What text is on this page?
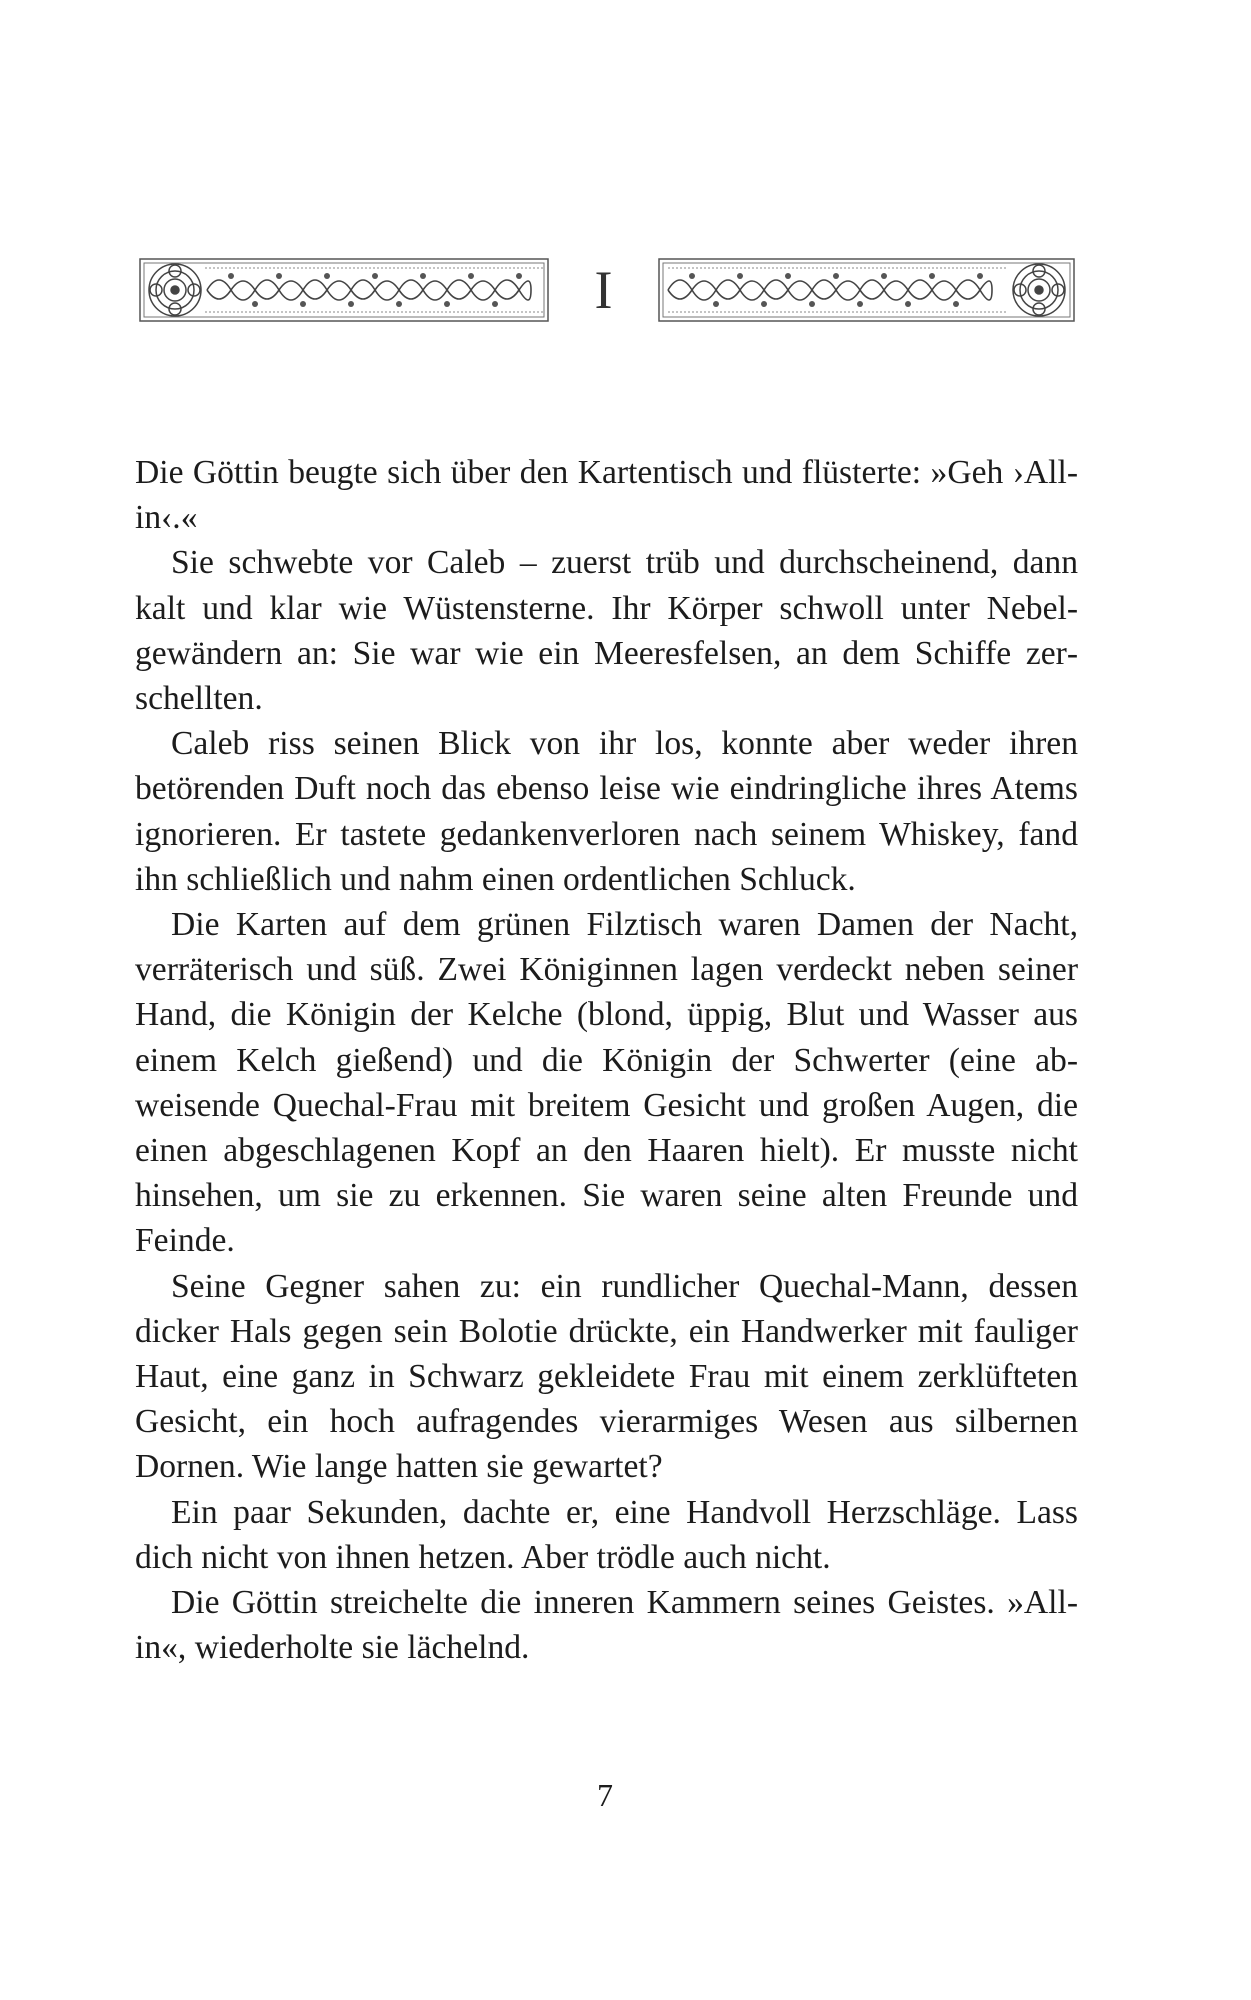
I

Die Göttin beugte sich über den Kartentisch und flüsterte: »Geh ›All-in‹.«

Sie schwebte vor Caleb – zuerst trüb und durchscheinend, dann kalt und klar wie Wüstensterne. Ihr Körper schwoll unter Nebelgewändern an: Sie war wie ein Meeresfelsen, an dem Schiffe zerschellten.

Caleb riss seinen Blick von ihr los, konnte aber weder ihren betörenden Duft noch das ebenso leise wie eindringliche ihres Atems ignorieren. Er tastete gedankenverloren nach seinem Whiskey, fand ihn schließlich und nahm einen ordentlichen Schluck.

Die Karten auf dem grünen Filztisch waren Damen der Nacht, verräterisch und süß. Zwei Königinnen lagen verdeckt neben seiner Hand, die Königin der Kelche (blond, üppig, Blut und Wasser aus einem Kelch gießend) und die Königin der Schwerter (eine abweisende Quechal-Frau mit breitem Gesicht und großen Augen, die einen abgeschlagenen Kopf an den Haaren hielt). Er musste nicht hinsehen, um sie zu erkennen. Sie waren seine alten Freunde und Feinde.

Seine Gegner sahen zu: ein rundlicher Quechal-Mann, dessen dicker Hals gegen sein Bolotie drückte, ein Handwerker mit fauliger Haut, eine ganz in Schwarz gekleidete Frau mit einem zerklüfteten Gesicht, ein hoch aufragendes vierarmiges Wesen aus silbernen Dornen. Wie lange hatten sie gewartet?

Ein paar Sekunden, dachte er, eine Handvoll Herzschläge. Lass dich nicht von ihnen hetzen. Aber trödle auch nicht.

Die Göttin streichelte die inneren Kammern seines Geistes. »All-in«, wiederholte sie lächelnd.

7
